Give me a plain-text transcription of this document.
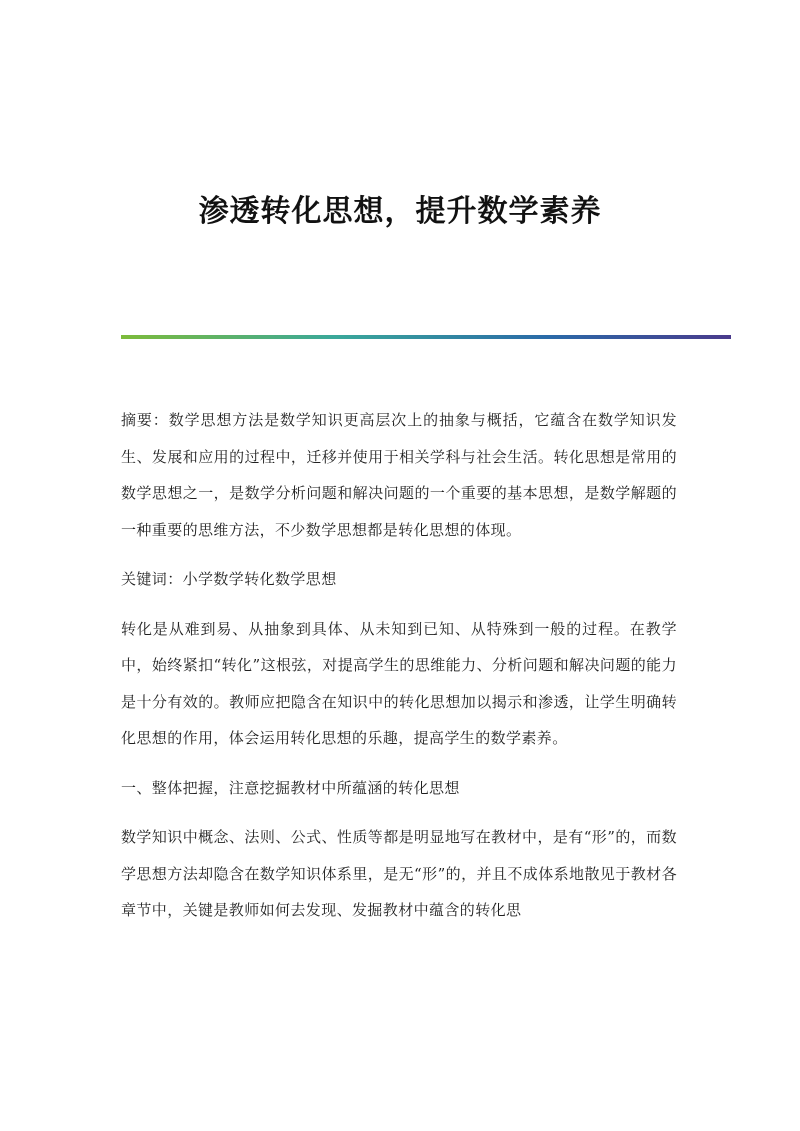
渗透转化思想，提升数学素养

摘要：数学思想方法是数学知识更高层次上的抽象与概括，它蕴含在数学知识发生、发展和应用的过程中，迁移并使用于相关学科与社会生活。转化思想是常用的数学思想之一，是数学分析问题和解决问题的一个重要的基本思想，是数学解题的一种重要的思维方法，不少数学思想都是转化思想的体现。

关键词：小学数学转化数学思想

转化是从难到易、从抽象到具体、从未知到已知、从特殊到一般的过程。在教学中，始终紧扣“转化”这根弦，对提高学生的思维能力、分析问题和解决问题的能力是十分有效的。教师应把隐含在知识中的转化思想加以揭示和渗透，让学生明确转化思想的作用，体会运用转化思想的乐趣，提高学生的数学素养。

一、整体把握，注意挖掘教材中所蕴涵的转化思想

数学知识中概念、法则、公式、性质等都是明显地写在教材中，是有“形”的，而数学思想方法却隐含在数学知识体系里，是无“形”的，并且不成体系地散见于教材各章节中，关键是教师如何去发现、发掘教材中蕴含的转化思
